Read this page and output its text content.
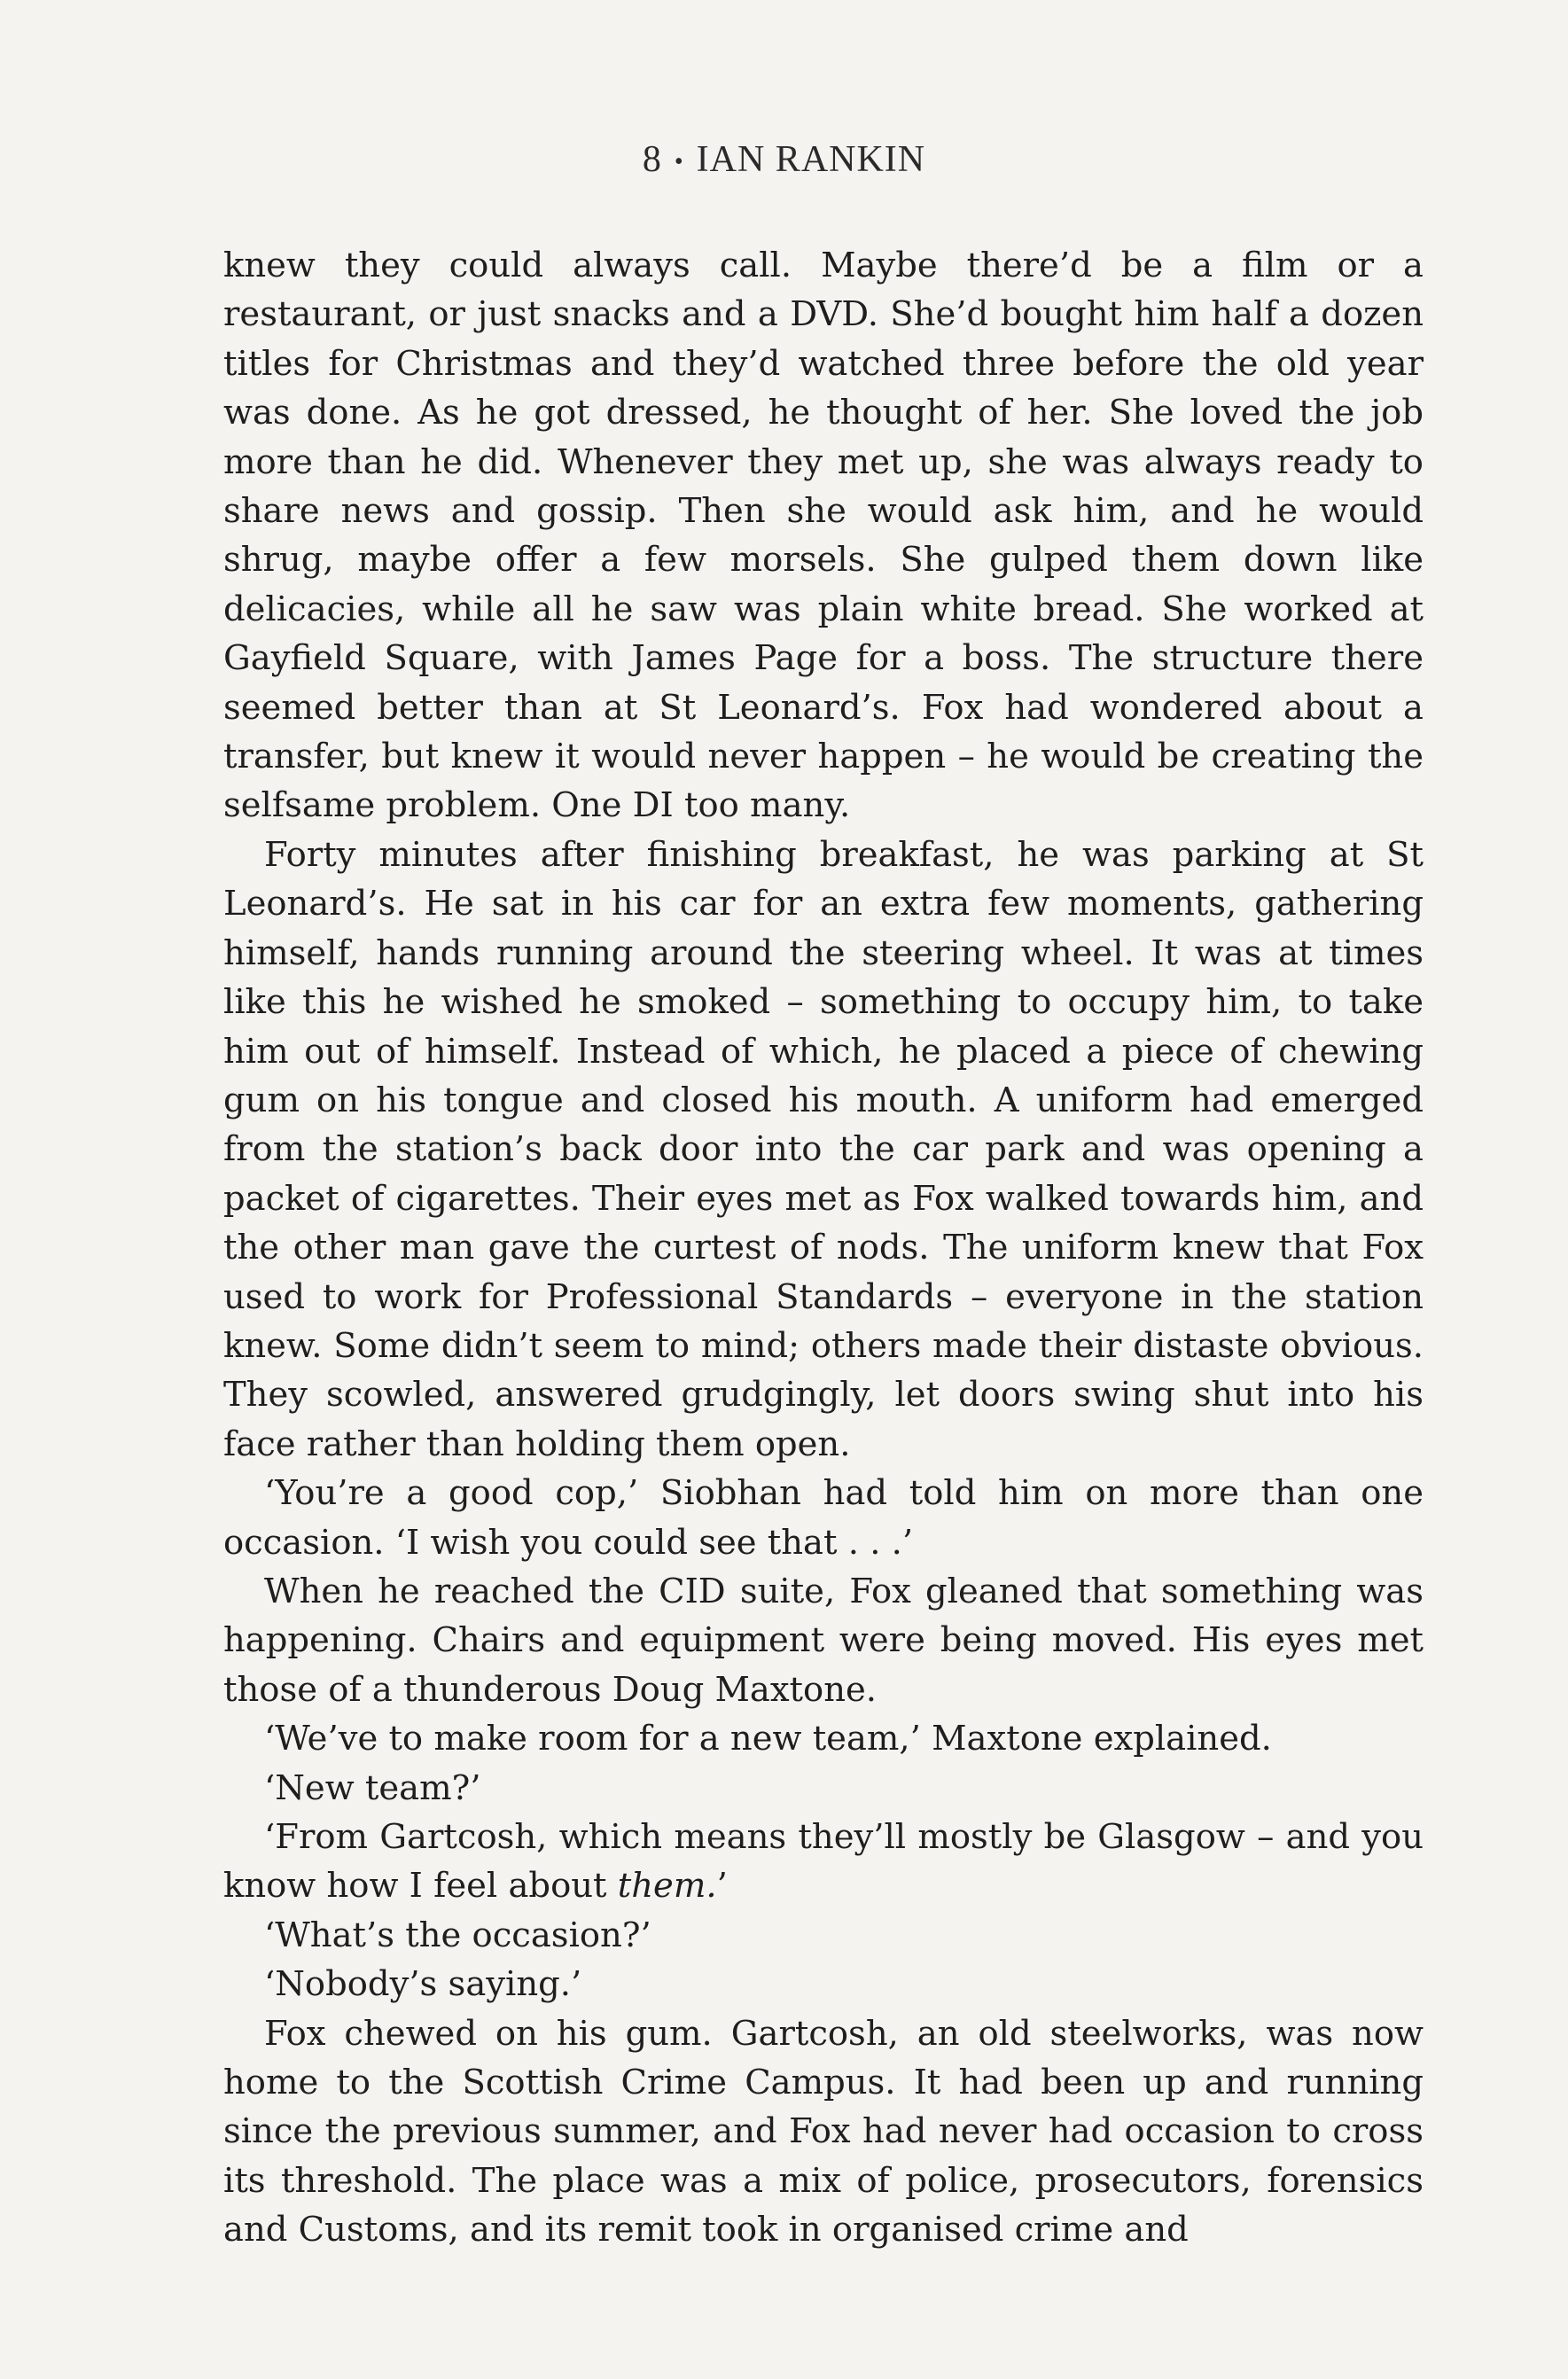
8 • IAN RANKIN

knew they could always call. Maybe there’d be a film or a restaurant, or just snacks and a DVD. She’d bought him half a dozen titles for Christmas and they’d watched three before the old year was done. As he got dressed, he thought of her. She loved the job more than he did. Whenever they met up, she was always ready to share news and gossip. Then she would ask him, and he would shrug, maybe offer a few morsels. She gulped them down like delicacies, while all he saw was plain white bread. She worked at Gayfield Square, with James Page for a boss. The structure there seemed better than at St Leonard’s. Fox had wondered about a transfer, but knew it would never happen – he would be creating the selfsame problem. One DI too many.

Forty minutes after finishing breakfast, he was parking at St Leonard’s. He sat in his car for an extra few moments, gathering himself, hands running around the steering wheel. It was at times like this he wished he smoked – something to occupy him, to take him out of himself. Instead of which, he placed a piece of chewing gum on his tongue and closed his mouth. A uniform had emerged from the station’s back door into the car park and was opening a packet of cigarettes. Their eyes met as Fox walked towards him, and the other man gave the curtest of nods. The uniform knew that Fox used to work for Professional Standards – everyone in the station knew. Some didn’t seem to mind; others made their distaste obvious. They scowled, answered grudgingly, let doors swing shut into his face rather than holding them open.

‘You’re a good cop,’ Siobhan had told him on more than one occasion. ‘I wish you could see that . . .’

When he reached the CID suite, Fox gleaned that something was happening. Chairs and equipment were being moved. His eyes met those of a thunderous Doug Maxtone.

‘We’ve to make room for a new team,’ Maxtone explained.

‘New team?’

‘From Gartcosh, which means they’ll mostly be Glasgow – and you know how I feel about them.’

‘What’s the occasion?’

‘Nobody’s saying.’

Fox chewed on his gum. Gartcosh, an old steelworks, was now home to the Scottish Crime Campus. It had been up and running since the previous summer, and Fox had never had occasion to cross its threshold. The place was a mix of police, prosecutors, forensics and Customs, and its remit took in organised crime and
